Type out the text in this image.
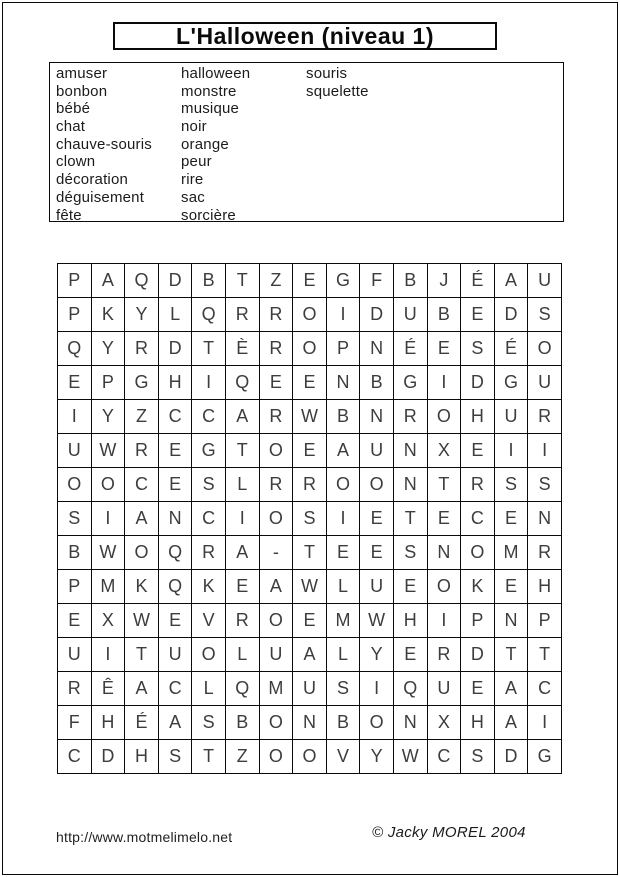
L'Halloween (niveau 1)
amuser
bonbon
bébé
chat
chauve-souris
clown
décoration
déguisement
fête
halloween
monstre
musique
noir
orange
peur
rire
sac
sorcière
souris
squelette
P	A	Q	D	B	T	Z	E	G	F	B	J	É	A	U
P	K	Y	L	Q	R	R	O	I	D	U	B	E	D	S
Q	Y	R	D	T	È	R	O	P	N	É	E	S	É	O
E	P	G	H	I	Q	E	E	N	B	G	I	D	G	U
I	Y	Z	C	C	A	R	W	B	N	R	O	H	U	R
U	W	R	E	G	T	O	E	A	U	N	X	E	I	I
O	O	C	E	S	L	R	R	O	O	N	T	R	S	S
S	I	A	N	C	I	O	S	I	E	T	E	C	E	N
B	W	O	Q	R	A	-	T	E	E	S	N	O	M	R
P	M	K	Q	K	E	A	W	L	U	E	O	K	E	H
E	X	W	E	V	R	O	E	M	W	H	I	P	N	P
U	I	T	U	O	L	U	A	L	Y	E	R	D	T	T
R	Ê	A	C	L	Q	M	U	S	I	Q	U	E	A	C
F	H	É	A	S	B	O	N	B	O	N	X	H	A	I
C	D	H	S	T	Z	O	O	V	Y	W	C	S	D	G
http://www.motmelimelo.net	© Jacky MOREL 2004
